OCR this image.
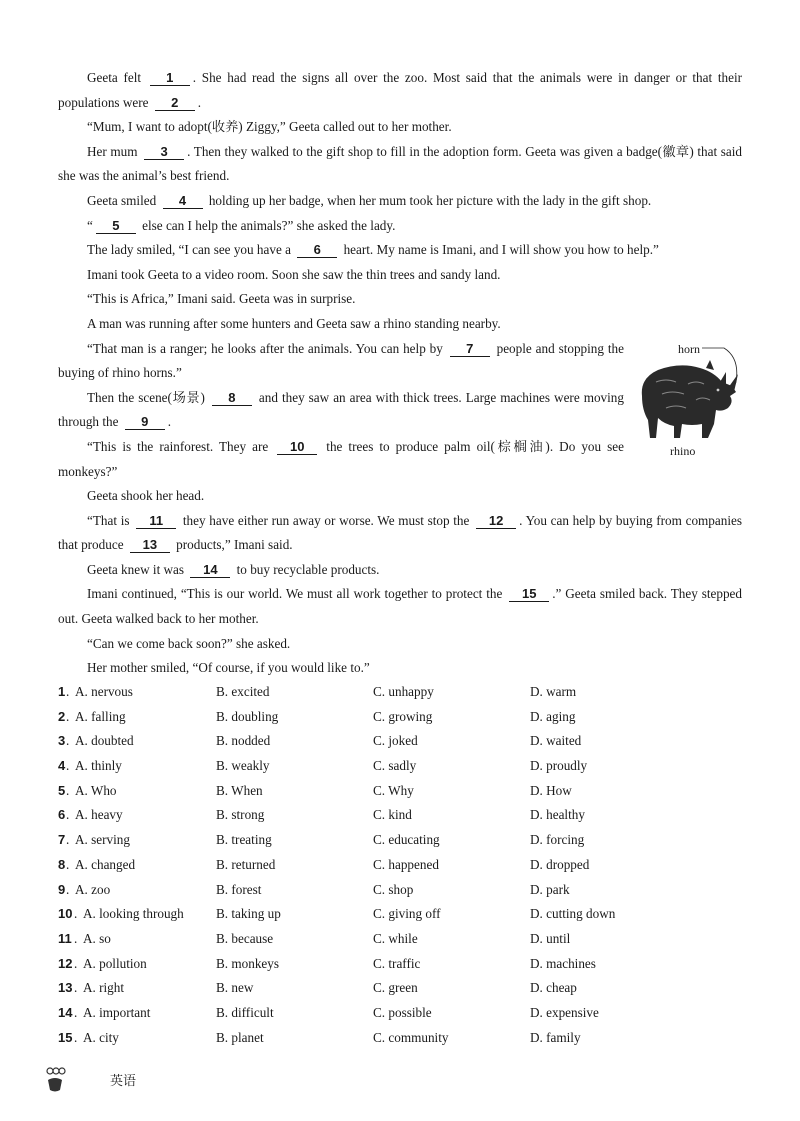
Geeta felt 1 . She had read the signs all over the zoo. Most said that the animals were in danger or that their populations were 2 .

“Mum, I want to adopt(收养) Ziggy,” Geeta called out to her mother.

Her mum 3 . Then they walked to the gift shop to fill in the adoption form. Geeta was given a badge(徽章) that said she was the animal’s best friend.

Geeta smiled 4 holding up her badge, when her mum took her picture with the lady in the gift shop.

“ 5 else can I help the animals?” she asked the lady.

The lady smiled, “I can see you have a 6 heart. My name is Imani, and I will show you how to help.”

Imani took Geeta to a video room. Soon she saw the thin trees and sandy land.

“This is Africa,” Imani said. Geeta was in surprise.

A man was running after some hunters and Geeta saw a rhino standing nearby.

“That man is a ranger; he looks after the animals. You can help by 7 people and stopping the buying of rhino horns.”

Then the scene(场景) 8 and they saw an area with thick trees. Large machines were moving through the 9 .

“This is the rainforest. They are 10 the trees to produce palm oil(棕榈油). Do you see monkeys?”

Geeta shook her head.

“That is 11 they have either run away or worse. We must stop the 12 . You can help by buying from companies that produce 13 products,” Imani said.

Geeta knew it was 14 to buy recyclable products.

Imani continued, “This is our world. We must all work together to protect the 15 .” Geeta smiled back. They stepped out. Geeta walked back to her mother.

“Can we come back soon?” she asked.

Her mother smiled, “Of course, if you would like to.”

horn
rhino
1 . A. nervous	B. excited	C. unhappy	D. warm
2 . A. falling	B. doubling	C. growing	D. aging
3 . A. doubted	B. nodded	C. joked	D. waited
4 . A. thinly	B. weakly	C. sadly	D. proudly
5 . A. Who	B. When	C. Why	D. How
6 . A. heavy	B. strong	C. kind	D. healthy
7 . A. serving	B. treating	C. educating	D. forcing
8 . A. changed	B. returned	C. happened	D. dropped
9 . A. zoo	B. forest	C. shop	D. park
10 . A. looking through B. taking up	C. giving off	D. cutting down
11 . A. so	B. because	C. while	D. until
12 . A. pollution	B. monkeys	C. traffic	D. machines
13 . A. right	B. new	C. green	D. cheap
14 . A. important	B. difficult	C. possible	D. expensive
15 . A. city	B. planet	C. community	D. family
英语
